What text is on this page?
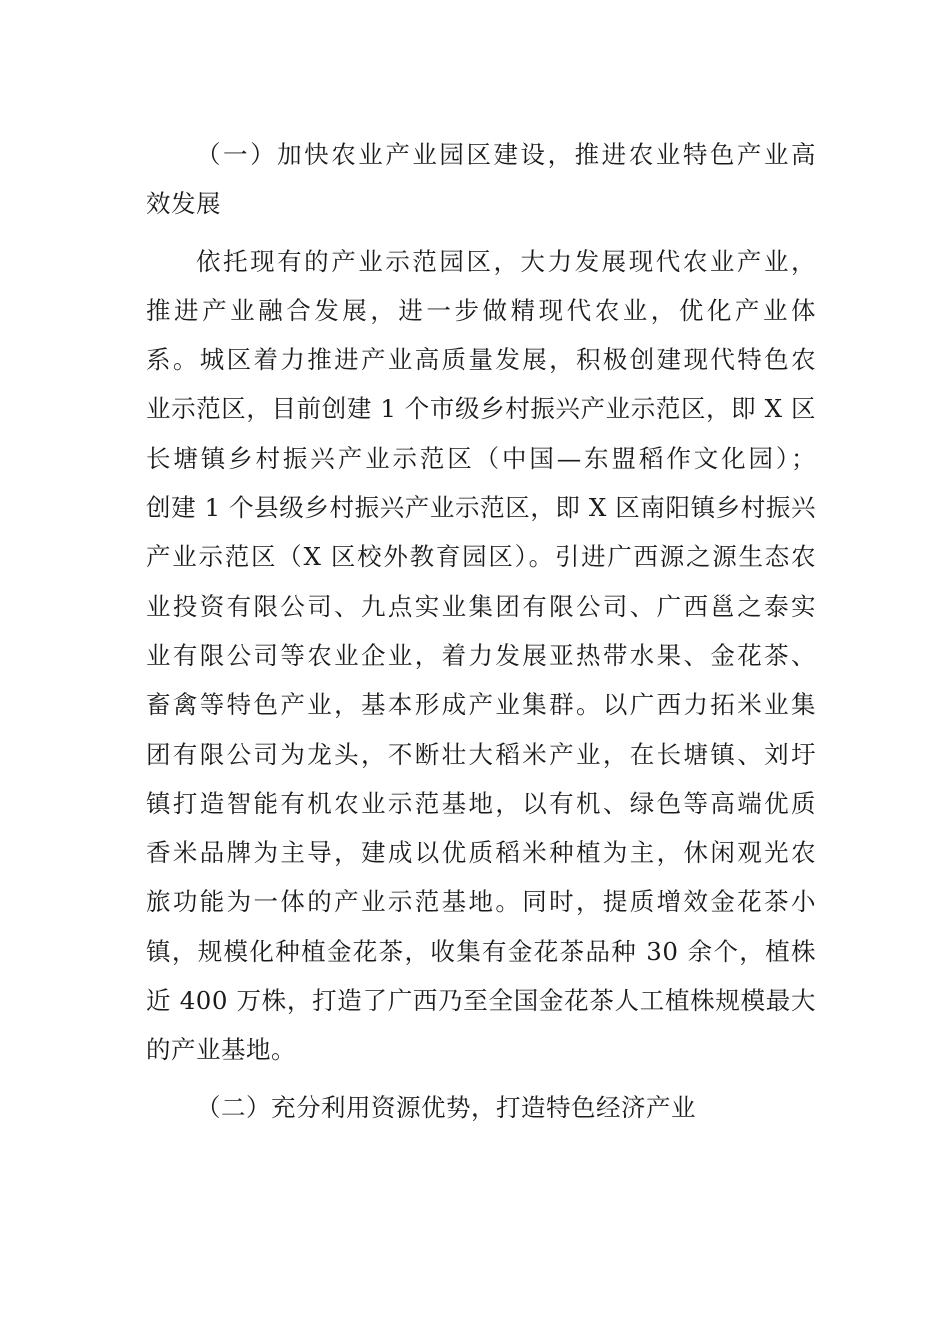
（一）加快农业产业园区建设，推进农业特色产业高
效发展
依托现有的产业示范园区，大力发展现代农业产业，
推进产业融合发展，进一步做精现代农业，优化产业体
系。城区着力推进产业高质量发展，积极创建现代特色农
业示范区，目前创建 1 个市级乡村振兴产业示范区，即 X 区
长塘镇乡村振兴产业示范区（中国—东盟稻作文化园）；
创建 1 个县级乡村振兴产业示范区，即 X 区南阳镇乡村振兴
产业示范区（X 区校外教育园区）。引进广西源之源生态农
业投资有限公司、九点实业集团有限公司、广西邕之泰实
业有限公司等农业企业，着力发展亚热带水果、金花茶、
畜禽等特色产业，基本形成产业集群。以广西力拓米业集
团有限公司为龙头，不断壮大稻米产业，在长塘镇、刘圩
镇打造智能有机农业示范基地，以有机、绿色等高端优质
香米品牌为主导，建成以优质稻米种植为主，休闲观光农
旅功能为一体的产业示范基地。同时，提质增效金花茶小
镇，规模化种植金花茶，收集有金花茶品种 30 余个，植株
近 400 万株，打造了广西乃至全国金花茶人工植株规模最大
的产业基地。
（二）充分利用资源优势，打造特色经济产业
